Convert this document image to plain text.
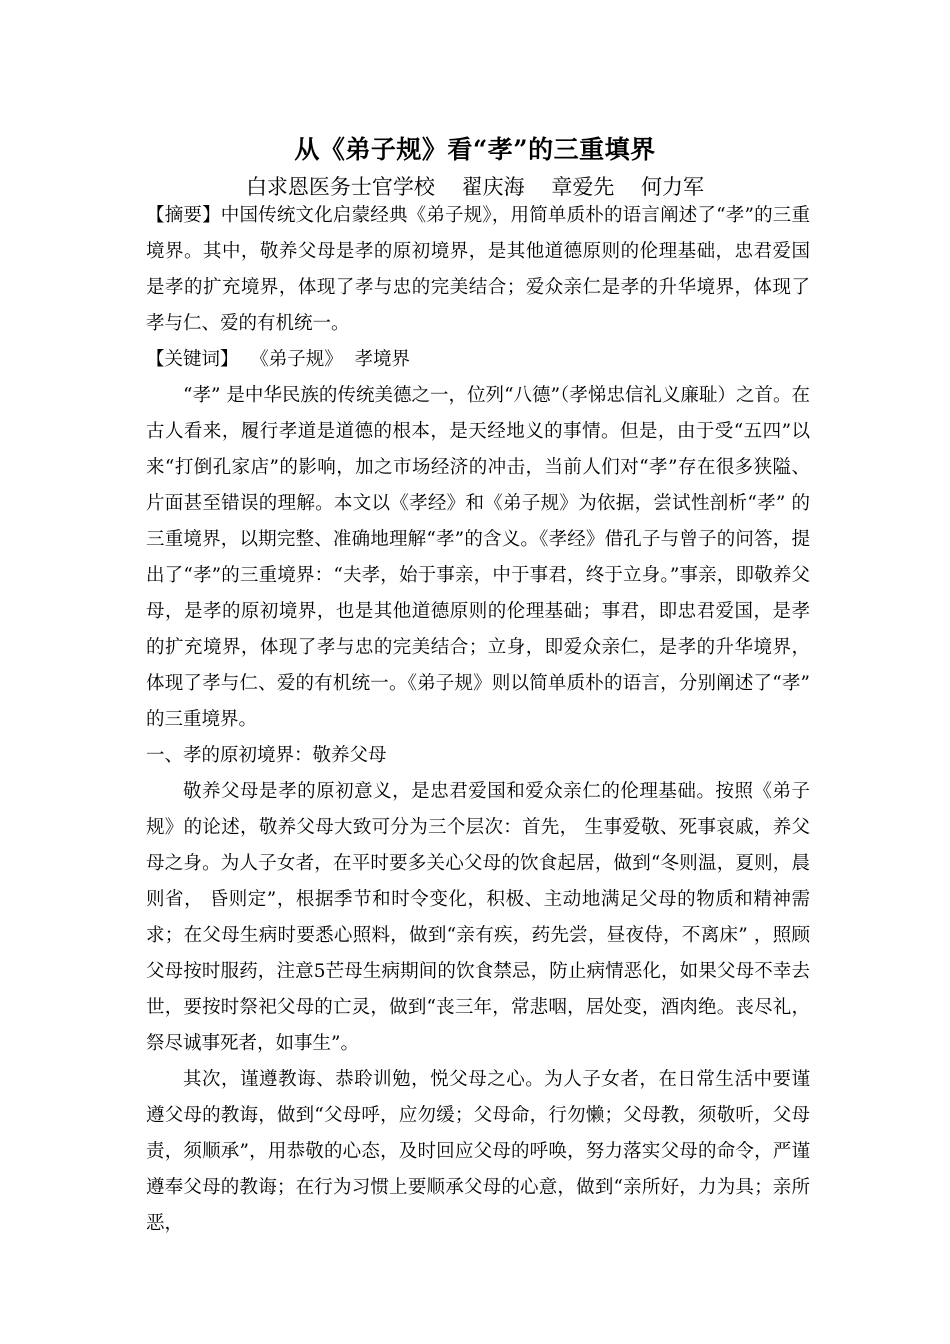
从《弟子规》看“孝”的三重填界
白求恩医务士官学校    翟庆海    章爱先    何力军

【摘要】中国传统文化启蒙经典《弟子规》，用简单质朴的语言阐述了“孝”的三重境界。其中，敬养父母是孝的原初境界，是其他道德原则的伦理基础，忠君爱国是孝的扩充境界，体现了孝与忠的完美结合；爱众亲仁是孝的升华境界，体现了孝与仁、爱的有机统一。

【关键词】  《弟子规》  孝境界

“孝” 是中华民族的传统美德之一，位列“八德”（孝悌忠信礼义廉耻）之首。在古人看来，履行孝道是道德的根本，是天经地义的事情。但是，由于受“五四”以来“打倒孔家店”的影响，加之市场经济的冲击，当前人们对“孝”存在很多狭隘、片面甚至错误的理解。本文以《孝经》和《弟子规》为依据，尝试性剖析“孝” 的三重境界，以期完整、准确地理解“孝”的含义。《孝经》借孔子与曾子的问答，提出了“孝”的三重境界：“夫孝，始于事亲，中于事君，终于立身。”事亲，即敬养父母，是孝的原初境界，也是其他道德原则的伦理基础；事君，即忠君爱国，是孝的扩充境界，体现了孝与忠的完美结合；立身，即爱众亲仁，是孝的升华境界，体现了孝与仁、爱的有机统一。《弟子规》则以简单质朴的语言，分别阐述了“孝” 的三重境界。

一、孝的原初境界：敬养父母

敬养父母是孝的原初意义，是忠君爱国和爱众亲仁的伦理基础。按照《弟子规》的论述，敬养父母大致可分为三个层次：首先， 生事爱敬、死事哀戚，养父母之身。为人子女者，在平时要多关心父母的饮食起居，做到“冬则温，夏则，晨则省， 昏则定”，根据季节和时令变化，积极、主动地满足父母的物质和精神需求；在父母生病时要悉心照料，做到“亲有疾，药先尝，昼夜侍，不离床” ，照顾父母按时服药，注意5芒母生病期间的饮食禁忌，防止病情恶化，如果父母不幸去世，要按时祭祀父母的亡灵，做到“丧三年，常悲咽，居处变，酒肉绝。丧尽礼，祭尽诚事死者，如事生”。

其次，谨遵教诲、恭聆训勉，悦父母之心。为人子女者，在日常生活中要谨遵父母的教诲，做到“父母呼，应勿缓；父母命，行勿懒；父母教，须敬听，父母责，须顺承”，用恭敬的心态，及时回应父母的呼唤，努力落实父母的命令，严谨遵奉父母的教诲；在行为习惯上要顺承父母的心意，做到“亲所好，力为具；亲所恶，
